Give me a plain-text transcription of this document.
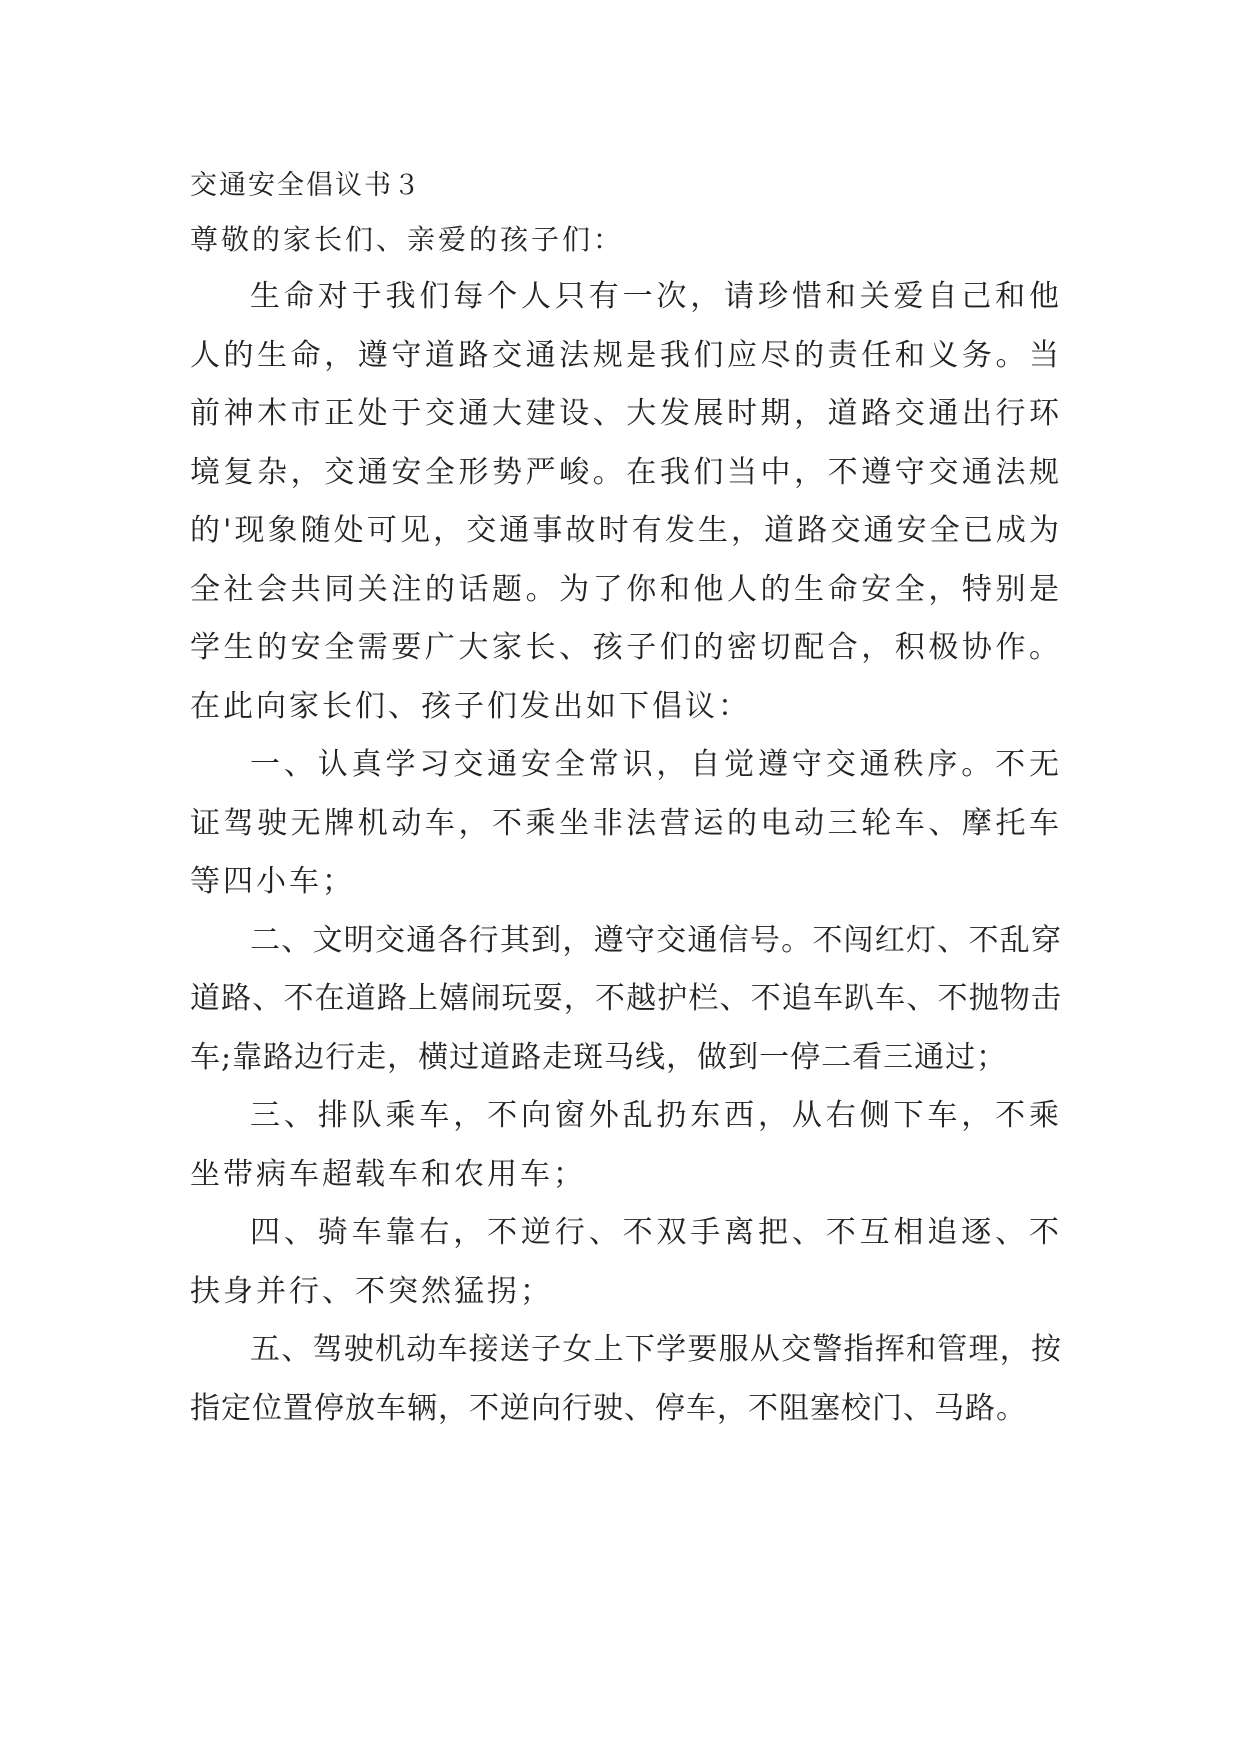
交通安全倡议书３

尊敬的家长们、亲爱的孩子们：

生命对于我们每个人只有一次，请珍惜和关爱自己和他人的生命，遵守道路交通法规是我们应尽的责任和义务。当前神木市正处于交通大建设、大发展时期，道路交通出行环境复杂，交通安全形势严峻。在我们当中，不遵守交通法规的'现象随处可见，交通事故时有发生，道路交通安全已成为全社会共同关注的话题。为了你和他人的生命安全，特别是学生的安全需要广大家长、孩子们的密切配合，积极协作。在此向家长们、孩子们发出如下倡议：

一、认真学习交通安全常识，自觉遵守交通秩序。不无证驾驶无牌机动车，不乘坐非法营运的电动三轮车、摩托车等四小车；

二、文明交通各行其到，遵守交通信号。不闯红灯、不乱穿道路、不在道路上嬉闹玩耍，不越护栏、不追车趴车、不抛物击车;靠路边行走，横过道路走斑马线，做到一停二看三通过；

三、排队乘车，不向窗外乱扔东西，从右侧下车，不乘坐带病车超载车和农用车；

四、骑车靠右，不逆行、不双手离把、不互相追逐、不扶身并行、不突然猛拐；

五、驾驶机动车接送子女上下学要服从交警指挥和管理，按指定位置停放车辆，不逆向行驶、停车，不阻塞校门、马路。
